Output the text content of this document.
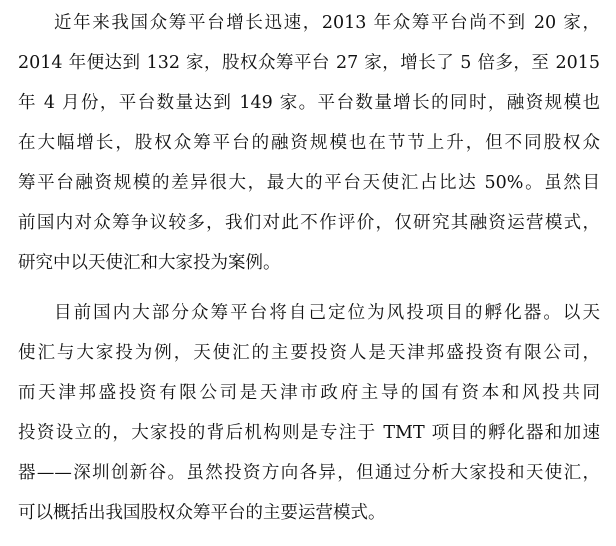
近年来我国众筹平台增长迅速，2013 年众筹平台尚不到 20 家，
2014 年便达到 132 家，股权众筹平台 27 家，增长了 5 倍多，至 2015
年 4 月份，平台数量达到 149 家。平台数量增长的同时，融资规模也
在大幅增长，股权众筹平台的融资规模也在节节上升，但不同股权众
筹平台融资规模的差异很大，最大的平台天使汇占比达 50%。虽然目
前国内对众筹争议较多，我们对此不作评价，仅研究其融资运营模式，
研究中以天使汇和大家投为案例。
目前国内大部分众筹平台将自己定位为风投项目的孵化器。以天
使汇与大家投为例，天使汇的主要投资人是天津邦盛投资有限公司，
而天津邦盛投资有限公司是天津市政府主导的国有资本和风投共同
投资设立的，大家投的背后机构则是专注于 TMT 项目的孵化器和加速
器——深圳创新谷。虽然投资方向各异，但通过分析大家投和天使汇，
可以概括出我国股权众筹平台的主要运营模式。
